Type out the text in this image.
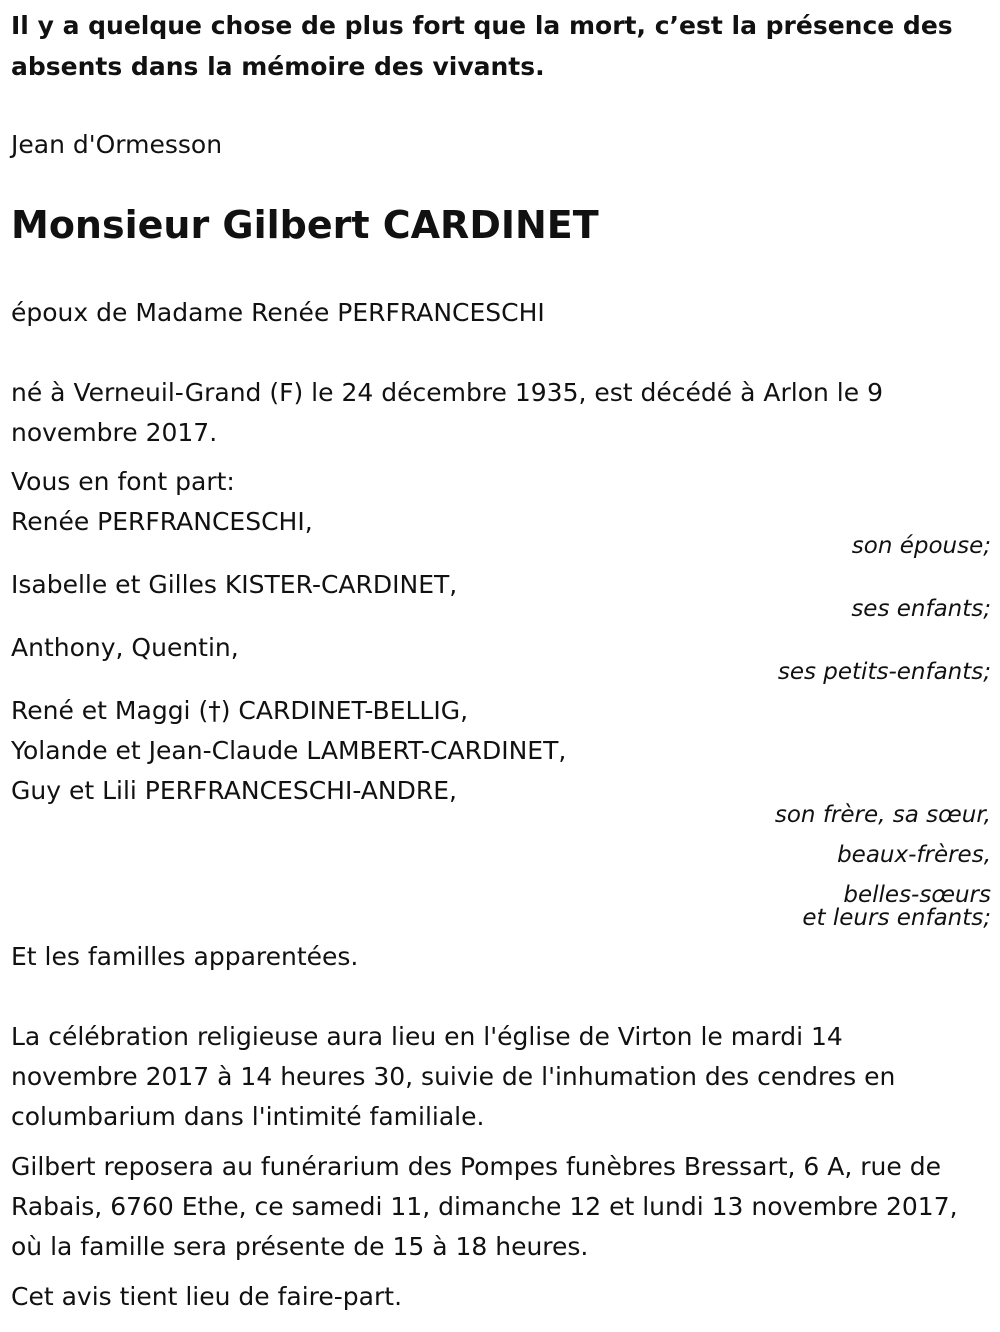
Il y a quelque chose de plus fort que la mort, c’est la présence des absents dans la mémoire des vivants.
Jean d'Ormesson
Monsieur Gilbert CARDINET
époux de Madame Renée PERFRANCESCHI
né à Verneuil-Grand (F) le 24 décembre 1935, est décédé à Arlon le 9 novembre 2017.
Vous en font part:
Renée PERFRANCESCHI,
son épouse;
Isabelle et Gilles KISTER-CARDINET,
ses enfants;
Anthony, Quentin,
ses petits-enfants;
René et Maggi (†) CARDINET-BELLIG,
Yolande et Jean-Claude LAMBERT-CARDINET,
Guy et Lili PERFRANCESCHI-ANDRE,
son frère, sa sœur,
beaux-frères,
belles-sœurs
et leurs enfants;
Et les familles apparentées.
La célébration religieuse aura lieu en l'église de Virton le mardi 14 novembre 2017 à 14 heures 30, suivie de l'inhumation des cendres en columbarium dans l'intimité familiale.
Gilbert reposera au funérarium des Pompes funèbres Bressart, 6 A, rue de Rabais, 6760 Ethe, ce samedi 11, dimanche 12 et lundi 13 novembre 2017, où la famille sera présente de 15 à 18 heures.
Cet avis tient lieu de faire-part.
